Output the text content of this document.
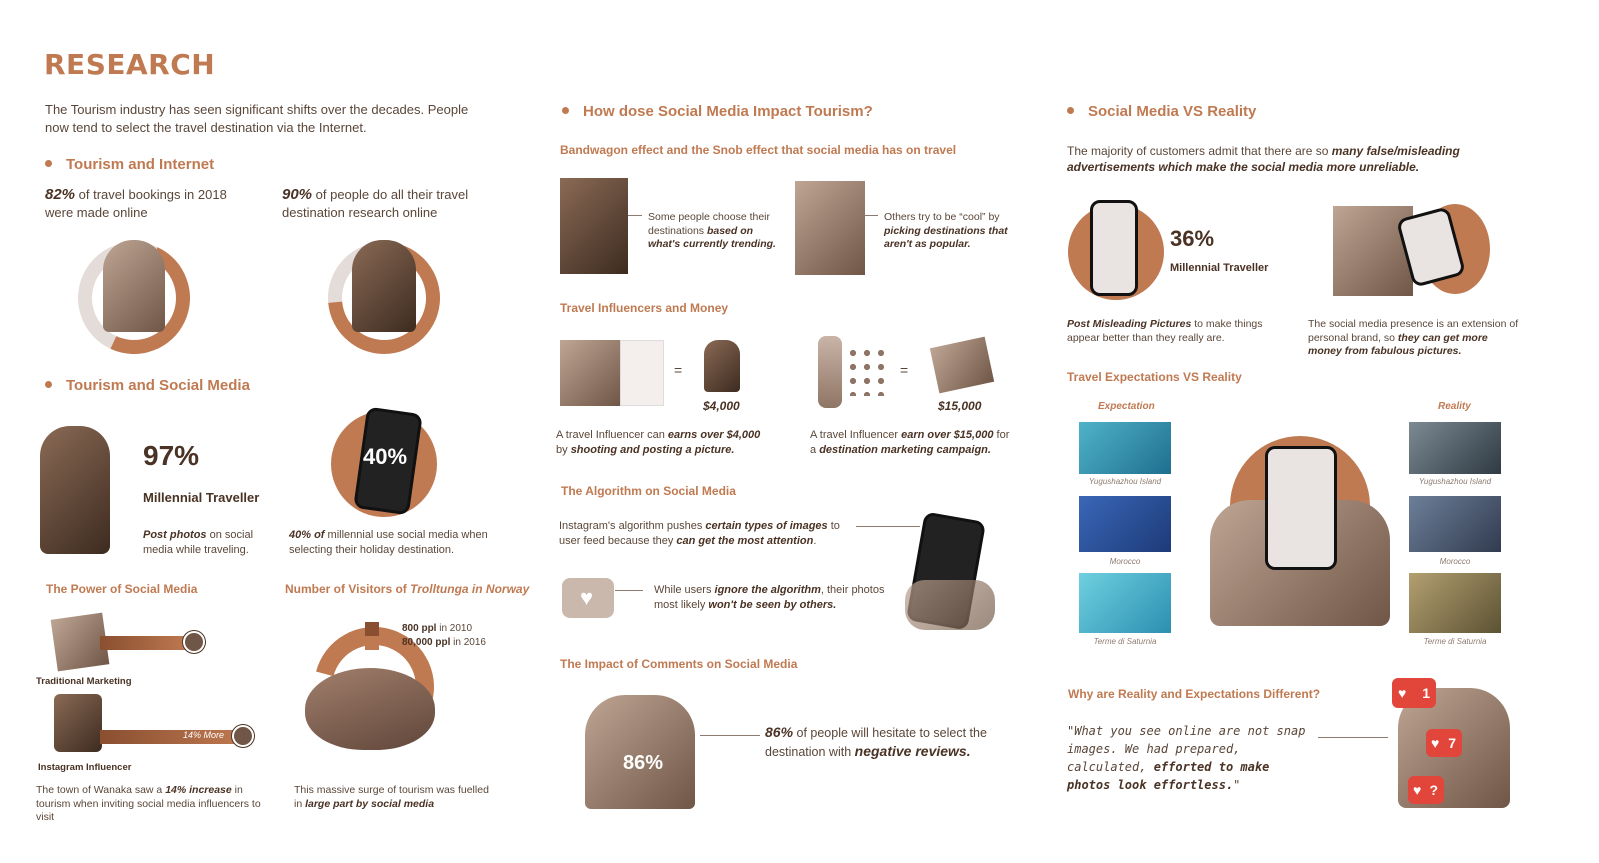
RESEARCH
The Tourism industry has seen significant shifts over the decades. People now tend to select the travel destination via the Internet.
Tourism and Internet
82% of travel bookings in 2018 were made online
90% of people do all their travel destination research online
Tourism and Social Media
97%
Millennial Traveller
Post photos on social media while traveling.
40%
40% of millennial use social media when selecting their holiday destination.
The Power of Social Media
Traditional Marketing
14% More
Instagram Influencer
The town of Wanaka saw a 14% increase in tourism when inviting social media influencers to visit
Number of Visitors of Trolltunga in Norway
800 ppl in 2010
80,000 ppl in 2016
This massive surge of tourism was fuelled in large part by social media
How dose Social Media Impact Tourism?
Bandwagon effect and the Snob effect that social media has on travel
Some people choose their destinations based on what's currently trending.
Others try to be “cool” by picking destinations that aren't as popular.
Travel Influencers and Money
=
$4,000
A travel Influencer can earns over $4,000 by shooting and posting a picture.
=
$15,000
A travel Influencer earn over $15,000 for a destination marketing campaign.
The Algorithm on Social Media
Instagram's algorithm pushes certain types of images to user feed because they can get the most attention.
♥	While users ignore the algorithm, their photos most likely won't be seen by others.
The Impact of Comments on Social Media
86%
86% of people will hesitate to select the destination with negative reviews.
Social Media VS Reality
The majority of customers admit that there are so many false/misleading advertisements which make the social media more unreliable.
36%
Millennial Traveller
Post Misleading Pictures to make things appear better than they really are.
The social media presence is an extension of personal brand, so they can get more money from fabulous pictures.
Travel Expectations VS Reality
Expectation	Reality
Yugushazhou Island
Morocco
Terme di Saturnia
Yugushazhou Island
Morocco
Terme di Saturnia
Why are Reality and Expectations Different?
"What you see online are not snap images. We had prepared, calculated, efforted to make photos look effortless."
♥ 1
♥ 7
♥ ?
